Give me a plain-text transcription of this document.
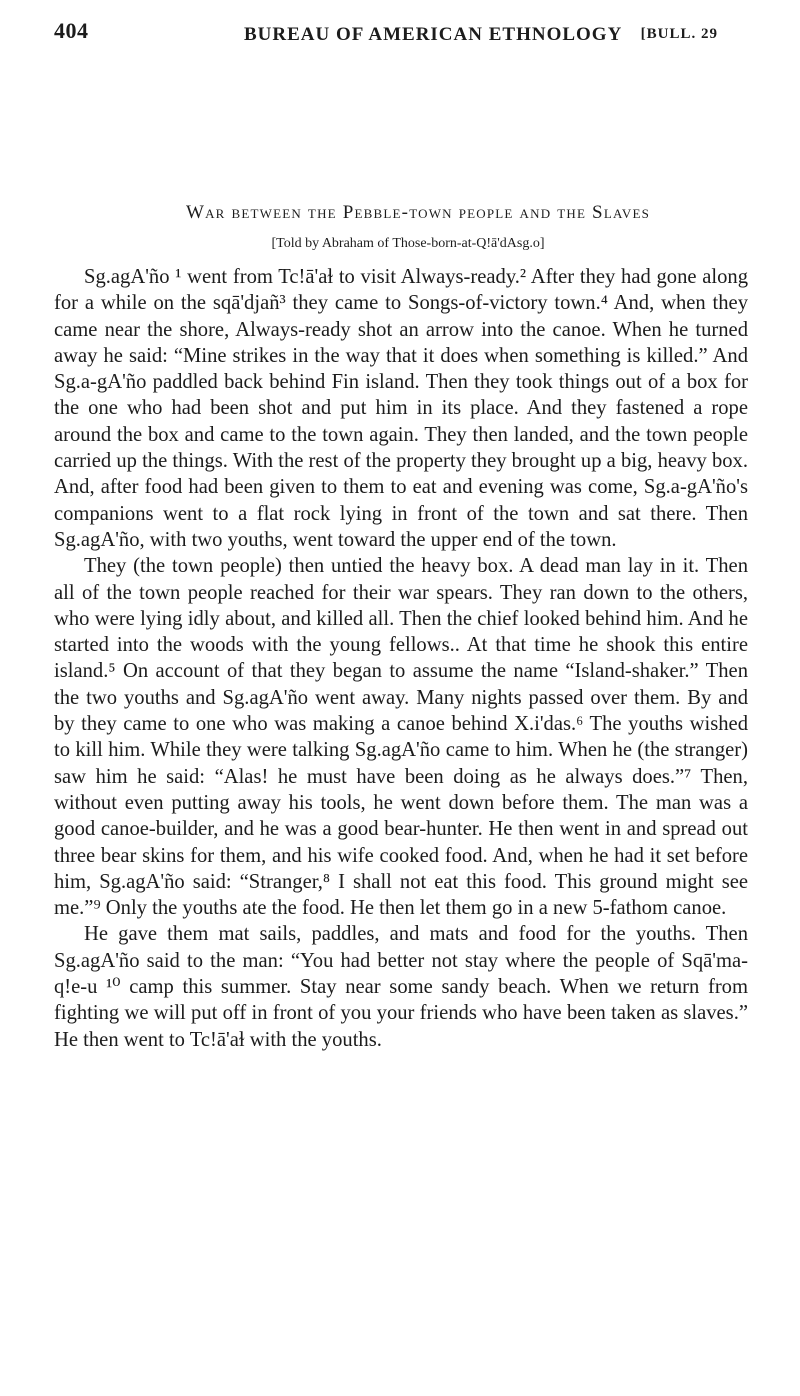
404	BUREAU OF AMERICAN ETHNOLOGY [BULL. 29
War between the Pebble-town people and the Slaves
[Told by Abraham of Those-born-at-Q!ā'dAsg.o]

Sg.agA'ño ¹ went from Tc!ā'aɫ to visit Always-ready.² After they had gone along for a while on the sqā'djañ³ they came to Songs-of-victory town.⁴ And, when they came near the shore, Always-ready shot an arrow into the canoe. When he turned away he said: “Mine strikes in the way that it does when something is killed.” And Sg.a-gA'ño paddled back behind Fin island. Then they took things out of a box for the one who had been shot and put him in its place. And they fastened a rope around the box and came to the town again. They then landed, and the town people carried up the things. With the rest of the property they brought up a big, heavy box. And, after food had been given to them to eat and evening was come, Sg.a-gA'ño's companions went to a flat rock lying in front of the town and sat there. Then Sg.agA'ño, with two youths, went toward the upper end of the town.

They (the town people) then untied the heavy box. A dead man lay in it. Then all of the town people reached for their war spears. They ran down to the others, who were lying idly about, and killed all. Then the chief looked behind him. And he started into the woods with the young fellows.. At that time he shook this entire island.⁵ On account of that they began to assume the name “Island-shaker.” Then the two youths and Sg.agA'ño went away. Many nights passed over them. By and by they came to one who was making a canoe behind X.i'das.⁶ The youths wished to kill him. While they were talking Sg.agA'ño came to him. When he (the stranger) saw him he said: “Alas! he must have been doing as he always does.”⁷ Then, without even putting away his tools, he went down before them. The man was a good canoe-builder, and he was a good bear-hunter. He then went in and spread out three bear skins for them, and his wife cooked food. And, when he had it set before him, Sg.agA'ño said: “Stranger,⁸ I shall not eat this food. This ground might see me.”⁹ Only the youths ate the food. He then let them go in a new 5-fathom canoe.

He gave them mat sails, paddles, and mats and food for the youths. Then Sg.agA'ño said to the man: “You had better not stay where the people of Sqā'ma-q!e-u ¹⁰ camp this summer. Stay near some sandy beach. When we return from fighting we will put off in front of you your friends who have been taken as slaves.” He then went to Tc!ā'aɫ with the youths.
